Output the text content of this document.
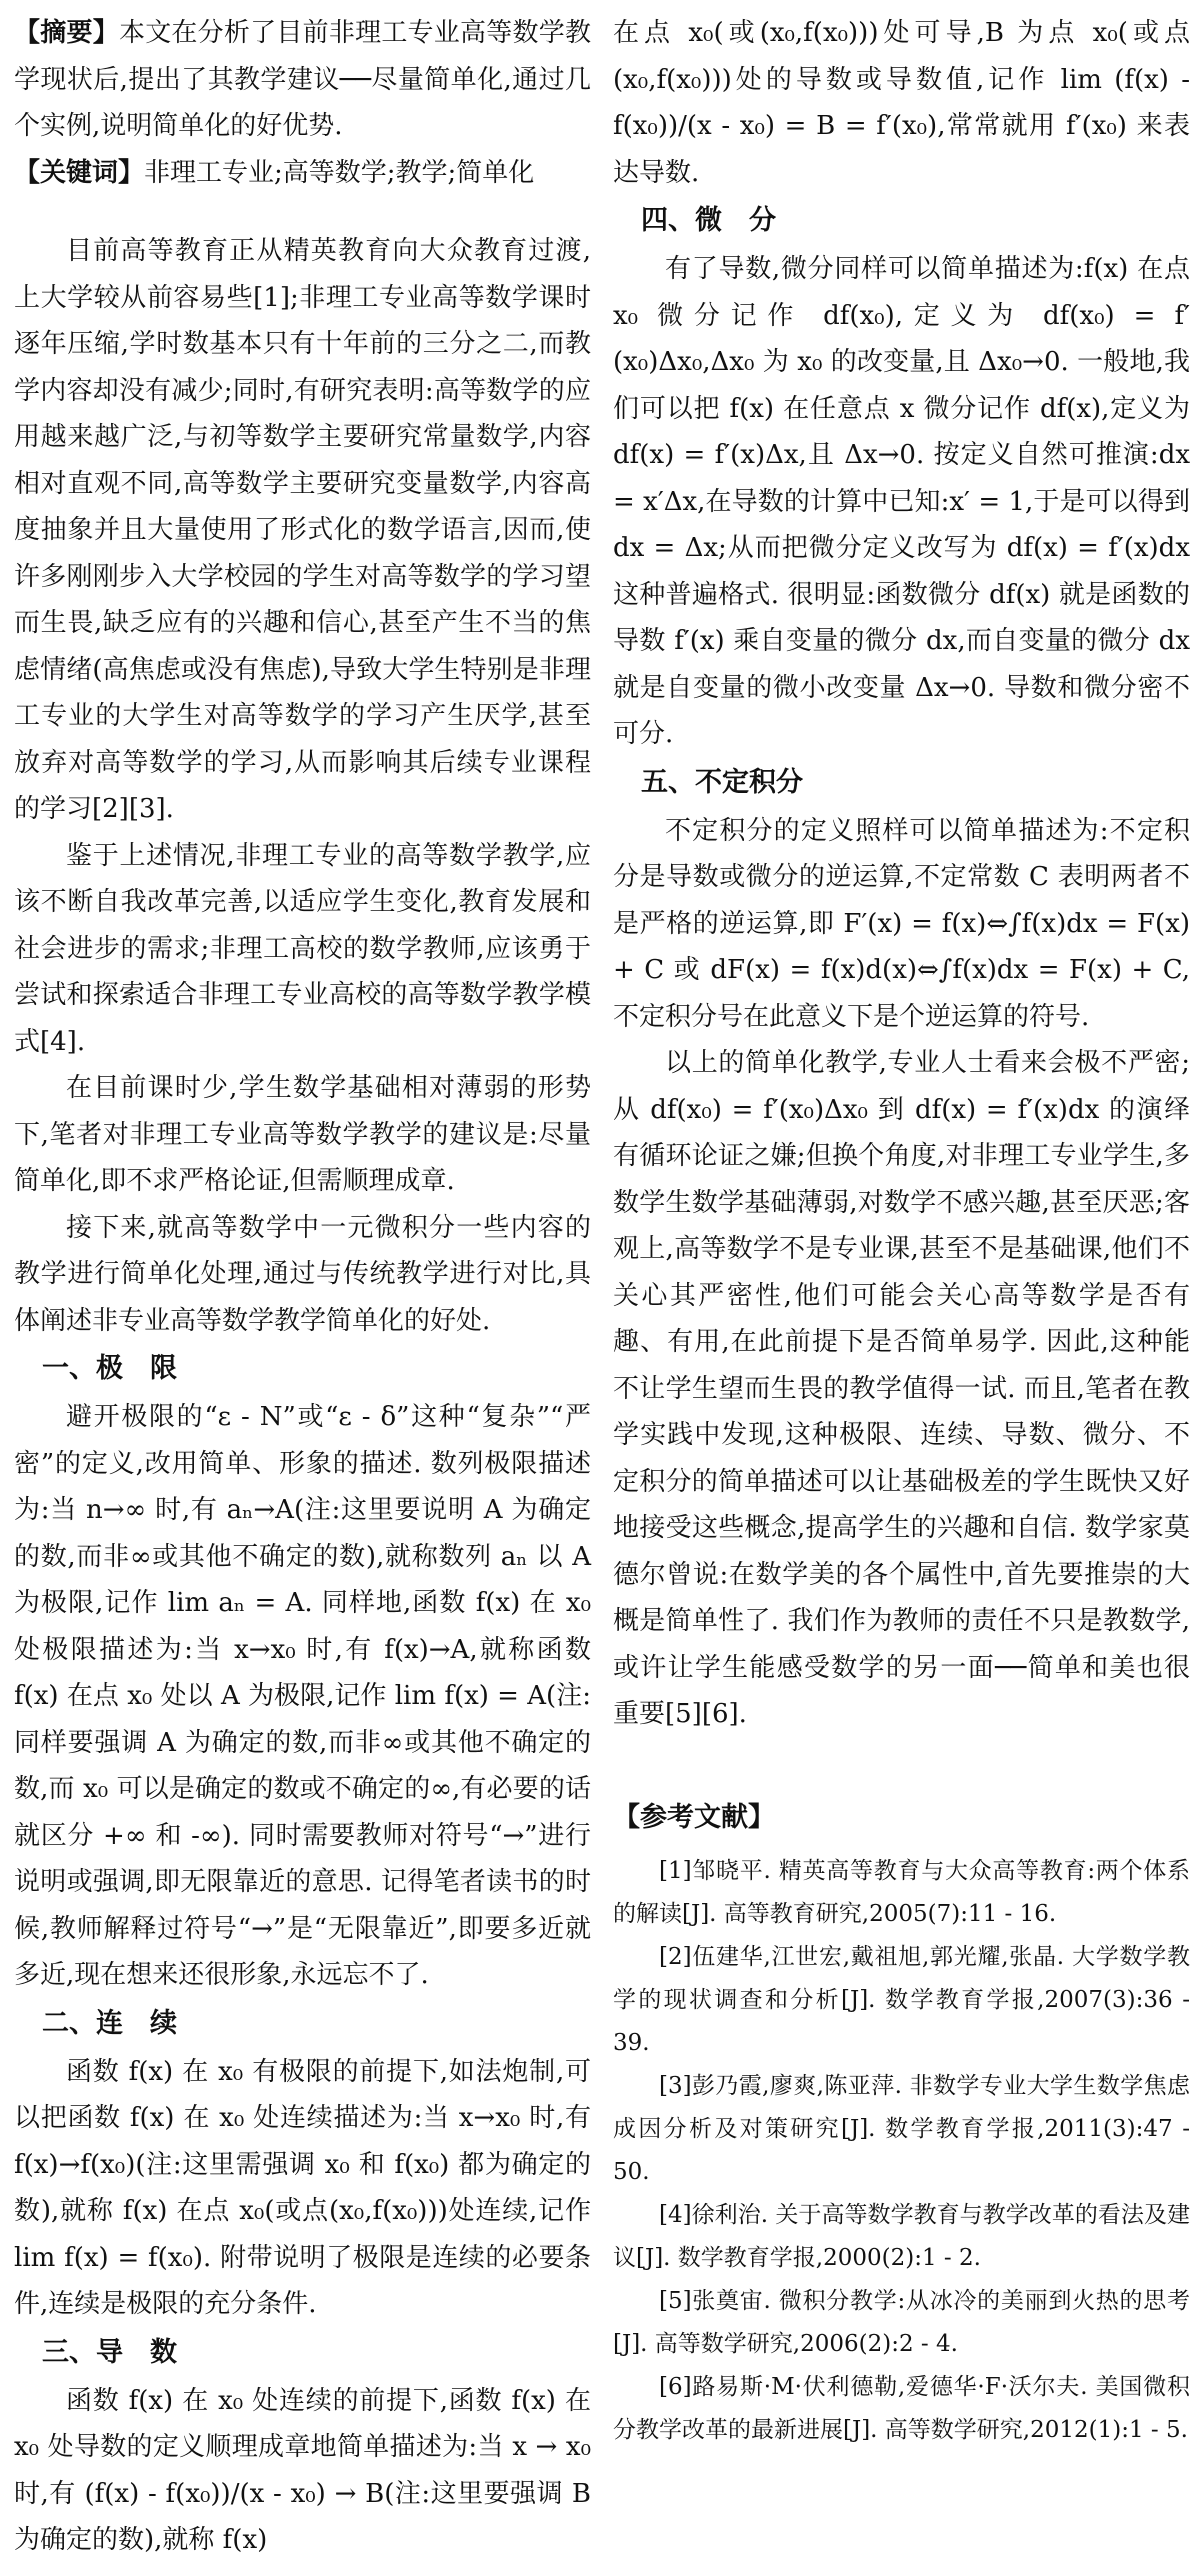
【摘要】本文在分析了目前非理工专业高等数学教学现状后,提出了其教学建议──尽量简单化,通过几个实例,说明简单化的好优势.

【关键词】非理工专业;高等数学;教学;简单化

目前高等教育正从精英教育向大众教育过渡,上大学较从前容易些[1];非理工专业高等数学课时逐年压缩,学时数基本只有十年前的三分之二,而教学内容却没有减少;同时,有研究表明:高等数学的应用越来越广泛,与初等数学主要研究常量数学,内容相对直观不同,高等数学主要研究变量数学,内容高度抽象并且大量使用了形式化的数学语言,因而,使许多刚刚步入大学校园的学生对高等数学的学习望而生畏,缺乏应有的兴趣和信心,甚至产生不当的焦虑情绪(高焦虑或没有焦虑),导致大学生特别是非理工专业的大学生对高等数学的学习产生厌学,甚至放弃对高等数学的学习,从而影响其后续专业课程的学习[2][3].

鉴于上述情况,非理工专业的高等数学教学,应该不断自我改革完善,以适应学生变化,教育发展和社会进步的需求;非理工高校的数学教师,应该勇于尝试和探索适合非理工专业高校的高等数学教学模式[4].

在目前课时少,学生数学基础相对薄弱的形势下,笔者对非理工专业高等数学教学的建议是:尽量简单化,即不求严格论证,但需顺理成章.

接下来,就高等数学中一元微积分一些内容的教学进行简单化处理,通过与传统教学进行对比,具体阐述非专业高等数学教学简单化的好处.

一、极　限

避开极限的“ε - N”或“ε - δ”这种“复杂”“严密”的定义,改用简单、形象的描述. 数列极限描述为:当 n→∞ 时,有 aₙ→A(注:这里要说明 A 为确定的数,而非∞或其他不确定的数),就称数列 aₙ 以 A 为极限,记作 lim aₙ = A. 同样地,函数 f(x) 在 x₀ 处极限描述为:当 x→x₀ 时,有 f(x)→A,就称函数 f(x) 在点 x₀ 处以 A 为极限,记作 lim f(x) = A(注:同样要强调 A 为确定的数,而非∞或其他不确定的数,而 x₀ 可以是确定的数或不确定的∞,有必要的话就区分 +∞ 和 -∞). 同时需要教师对符号“→”进行说明或强调,即无限靠近的意思. 记得笔者读书的时候,教师解释过符号“→”是“无限靠近”,即要多近就多近,现在想来还很形象,永远忘不了.

二、连　续

函数 f(x) 在 x₀ 有极限的前提下,如法炮制,可以把函数 f(x) 在 x₀ 处连续描述为:当 x→x₀ 时,有 f(x)→f(x₀)(注:这里需强调 x₀ 和 f(x₀) 都为确定的数),就称 f(x) 在点 x₀(或点(x₀,f(x₀)))处连续,记作 lim f(x) = f(x₀). 附带说明了极限是连续的必要条件,连续是极限的充分条件.

三、导　数

函数 f(x) 在 x₀ 处连续的前提下,函数 f(x) 在 x₀ 处导数的定义顺理成章地简单描述为:当 x → x₀ 时,有 (f(x) - f(x₀))/(x - x₀) → B(注:这里要强调 B 为确定的数),就称 f(x)

在点 x₀(或(x₀,f(x₀)))处可导,B 为点 x₀(或点(x₀,f(x₀)))处的导数或导数值,记作 lim (f(x) - f(x₀))/(x - x₀) = B = f′(x₀),常常就用 f′(x₀) 来表达导数.

四、微　分

有了导数,微分同样可以简单描述为:f(x) 在点 x₀ 微分记作 df(x₀),定义为 df(x₀) = f′(x₀)Δx₀,Δx₀ 为 x₀ 的改变量,且 Δx₀→0. 一般地,我们可以把 f(x) 在任意点 x 微分记作 df(x),定义为 df(x) = f′(x)Δx,且 Δx→0. 按定义自然可推演:dx = x′Δx,在导数的计算中已知:x′ = 1,于是可以得到 dx = Δx;从而把微分定义改写为 df(x) = f′(x)dx 这种普遍格式. 很明显:函数微分 df(x) 就是函数的导数 f′(x) 乘自变量的微分 dx,而自变量的微分 dx 就是自变量的微小改变量 Δx→0. 导数和微分密不可分.

五、不定积分

不定积分的定义照样可以简单描述为:不定积分是导数或微分的逆运算,不定常数 C 表明两者不是严格的逆运算,即 F′(x) = f(x)⇔∫f(x)dx = F(x) + C 或 dF(x) = f(x)d(x)⇔∫f(x)dx = F(x) + C,不定积分号在此意义下是个逆运算的符号.

以上的简单化教学,专业人士看来会极不严密;从 df(x₀) = f′(x₀)Δx₀ 到 df(x) = f′(x)dx 的演绎有循环论证之嫌;但换个角度,对非理工专业学生,多数学生数学基础薄弱,对数学不感兴趣,甚至厌恶;客观上,高等数学不是专业课,甚至不是基础课,他们不关心其严密性,他们可能会关心高等数学是否有趣、有用,在此前提下是否简单易学. 因此,这种能不让学生望而生畏的教学值得一试. 而且,笔者在教学实践中发现,这种极限、连续、导数、微分、不定积分的简单描述可以让基础极差的学生既快又好地接受这些概念,提高学生的兴趣和自信. 数学家莫德尔曾说:在数学美的各个属性中,首先要推崇的大概是简单性了. 我们作为教师的责任不只是教数学,或许让学生能感受数学的另一面──简单和美也很重要[5][6].

【参考文献】

[1]邹晓平. 精英高等教育与大众高等教育:两个体系的解读[J]. 高等教育研究,2005(7):11 - 16.

[2]伍建华,江世宏,戴祖旭,郭光耀,张晶. 大学数学教学的现状调查和分析[J]. 数学教育学报,2007(3):36 - 39.

[3]彭乃霞,廖爽,陈亚萍. 非数学专业大学生数学焦虑成因分析及对策研究[J]. 数学教育学报,2011(3):47 - 50.

[4]徐利治. 关于高等数学教育与教学改革的看法及建议[J]. 数学教育学报,2000(2):1 - 2.

[5]张奠宙. 微积分教学:从冰冷的美丽到火热的思考[J]. 高等数学研究,2006(2):2 - 4.

[6]路易斯·M·伏利德勒,爱德华·F·沃尔夫. 美国微积分教学改革的最新进展[J]. 高等数学研究,2012(1):1 - 5.
